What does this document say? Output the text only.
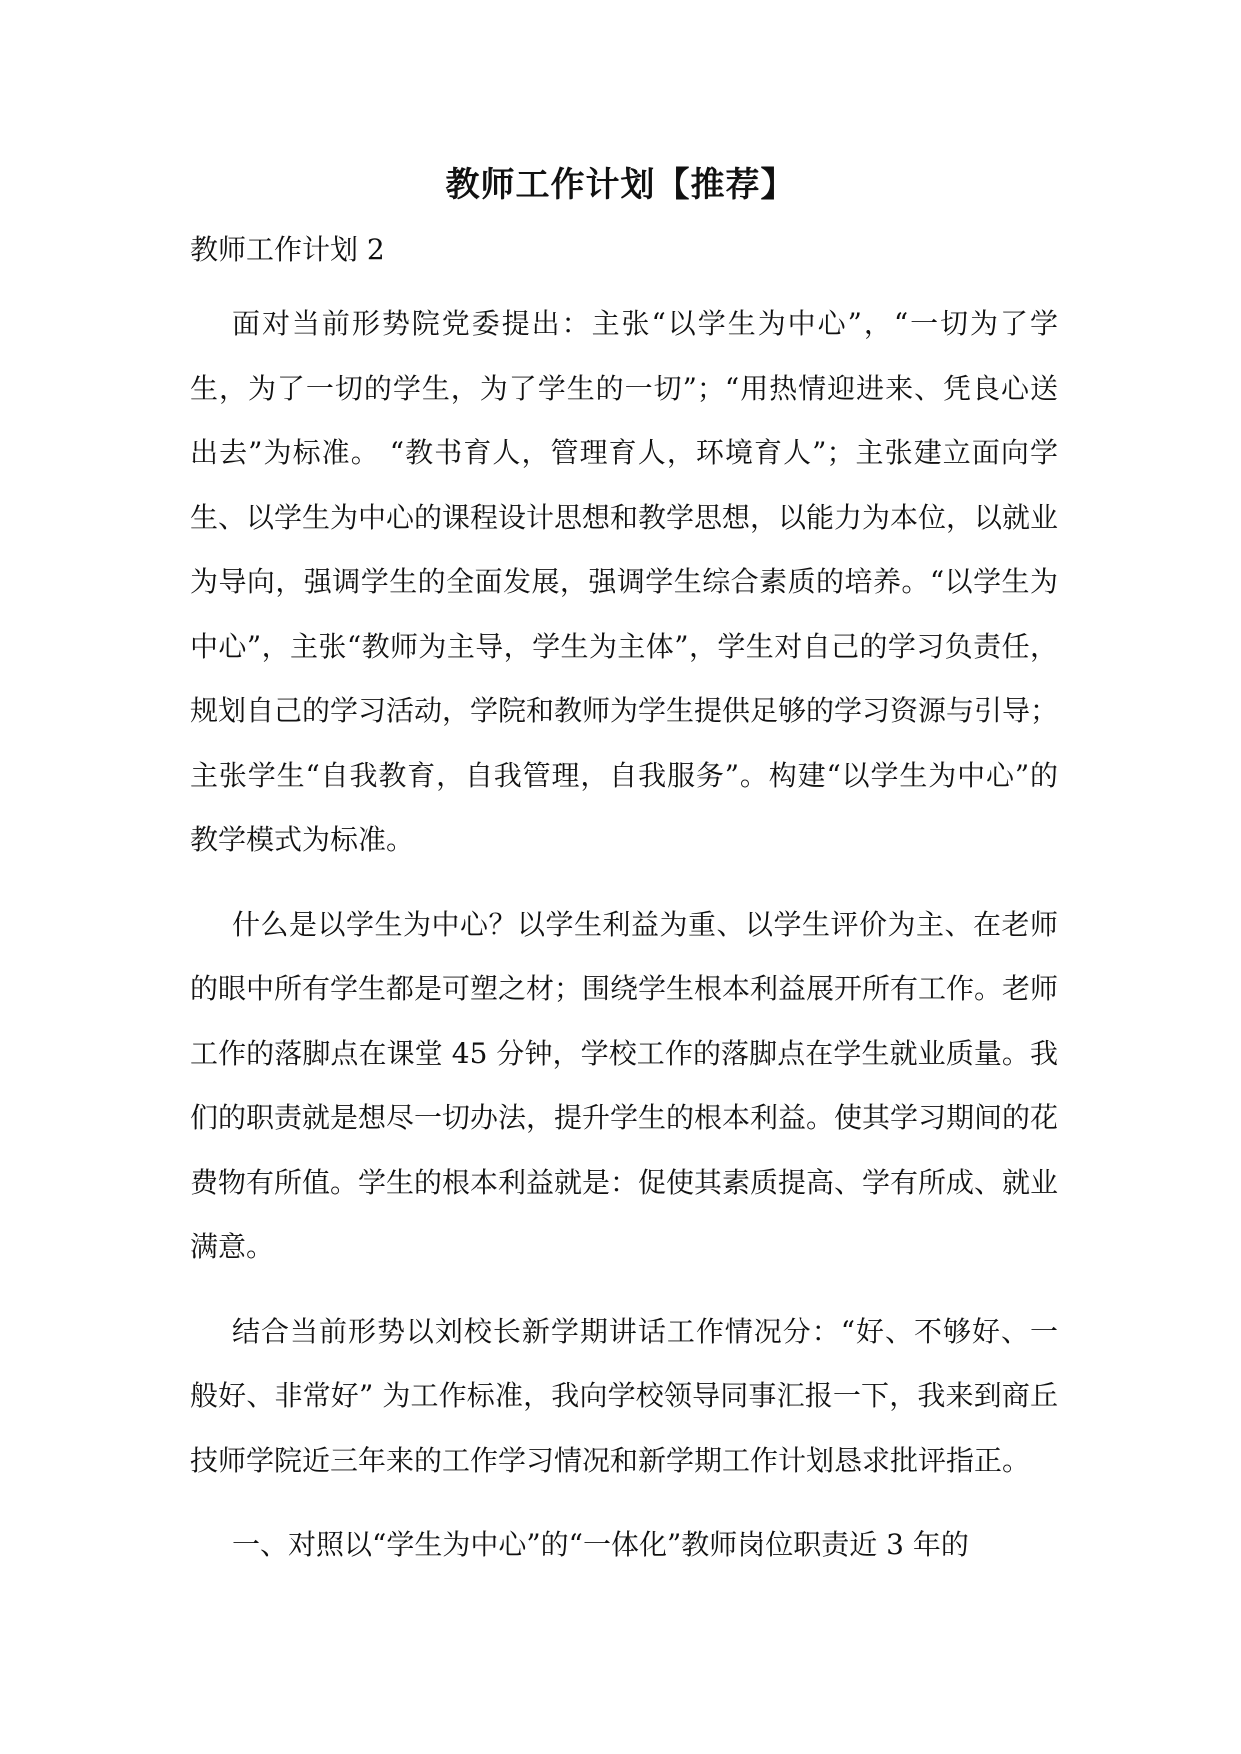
教师工作计划【推荐】
教师工作计划 2

面对当前形势院党委提出：主张“以学生为中心”，“一切为了学生，为了一切的学生，为了学生的一切”；“用热情迎进来、凭良心送出去”为标准。 “教书育人，管理育人，环境育人”；主张建立面向学生、以学生为中心的课程设计思想和教学思想，以能力为本位，以就业为导向，强调学生的全面发展，强调学生综合素质的培养。“以学生为中心”，主张“教师为主导，学生为主体”，学生对自己的学习负责任，规划自己的学习活动，学院和教师为学生提供足够的学习资源与引导；主张学生“自我教育，自我管理，自我服务”。构建“以学生为中心”的教学模式为标准。

什么是以学生为中心？以学生利益为重、以学生评价为主、在老师的眼中所有学生都是可塑之材；围绕学生根本利益展开所有工作。老师工作的落脚点在课堂 45 分钟，学校工作的落脚点在学生就业质量。我们的职责就是想尽一切办法，提升学生的根本利益。使其学习期间的花费物有所值。学生的根本利益就是：促使其素质提高、学有所成、就业满意。

结合当前形势以刘校长新学期讲话工作情况分：“好、不够好、一般好、非常好” 为工作标准，我向学校领导同事汇报一下，我来到商丘技师学院近三年来的工作学习情况和新学期工作计划恳求批评指正。

一、对照以“学生为中心”的“一体化”教师岗位职责近 3 年的
